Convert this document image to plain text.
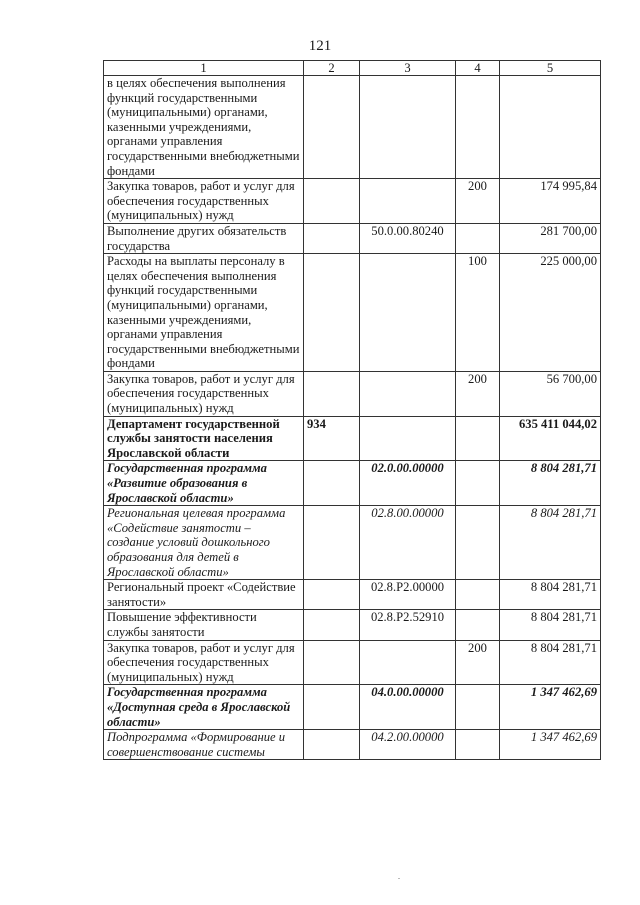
121
1	2	3	4	5
в целях обеспечения выполнения функций государственными (муниципальными) органами, казенными учреждениями, органами управления государственными внебюджетными фондами				
Закупка товаров, работ и услуг для обеспечения государственных (муниципальных) нужд			200	174 995,84
Выполнение других обязательств государства		50.0.00.80240		281 700,00
Расходы на выплаты персоналу в целях обеспечения выполнения функций государственными (муниципальными) органами, казенными учреждениями, органами управления государственными внебюджетными фондами			100	225 000,00
Закупка товаров, работ и услуг для обеспечения государственных (муниципальных) нужд			200	56 700,00
Департамент государственной службы занятости населения Ярославской области	934			635 411 044,02
Государственная программа «Развитие образования в Ярославской области»		02.0.00.00000		8 804 281,71
Региональная целевая программа «Содействие занятости – создание условий дошкольного образования для детей в Ярославской области»		02.8.00.00000		8 804 281,71
Региональный проект «Содействие занятости»		02.8.Р2.00000		8 804 281,71
Повышение эффективности службы занятости		02.8.Р2.52910		8 804 281,71
Закупка товаров, работ и услуг для обеспечения государственных (муниципальных) нужд			200	8 804 281,71
Государственная программа «Доступная среда в Ярославской области»		04.0.00.00000		1 347 462,69
Подпрограмма «Формирование и совершенствование системы		04.2.00.00000		1 347 462,69
